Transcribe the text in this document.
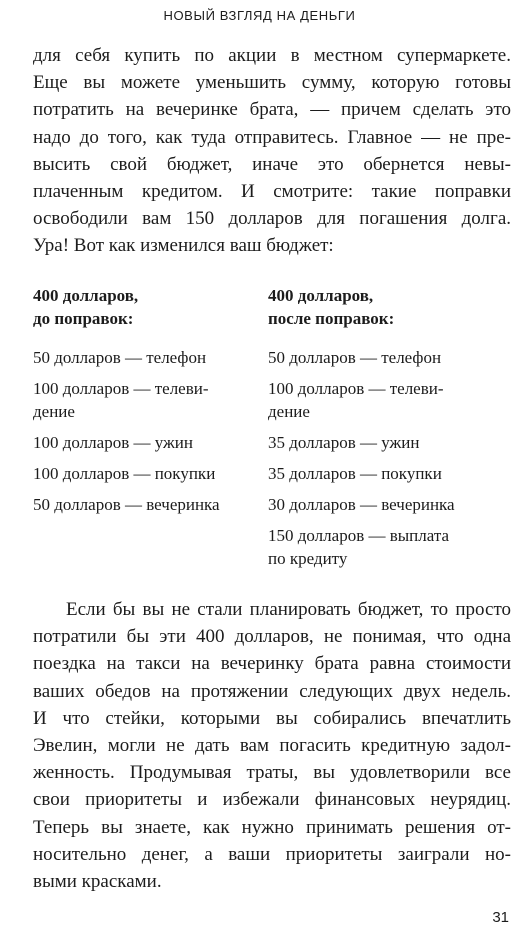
НОВЫЙ ВЗГЛЯД НА ДЕНЬГИ

для себя купить по акции в местном супермаркете.
Еще вы можете уменьшить сумму, которую готовы
потратить на вечеринке брата, — причем сделать это
надо до того, как туда отправитесь. Главное — не пре-
высить свой бюджет, иначе это обернется невы-
плаченным кредитом. И смотрите: такие поправки
освободили вам 150 долларов для погашения долга.
Ура! Вот как изменился ваш бюджет:

400 долларов,
до поправок:
50 долларов — телефон
100 долларов — телеви-
дение
100 долларов — ужин
100 долларов — покупки
50 долларов — вечеринка
400 долларов,
после поправок:
50 долларов — телефон
100 долларов — телеви-
дение
35 долларов — ужин
35 долларов — покупки
30 долларов — вечеринка
150 долларов — выплата
по кредиту

Если бы вы не стали планировать бюджет, то просто
потратили бы эти 400 долларов, не понимая, что одна
поездка на такси на вечеринку брата равна стоимости
ваших обедов на протяжении следующих двух недель.
И что стейки, которыми вы собирались впечатлить
Эвелин, могли не дать вам погасить кредитную задол-
женность. Продумывая траты, вы удовлетворили все
свои приоритеты и избежали финансовых неурядиц.
Теперь вы знаете, как нужно принимать решения от-
носительно денег, а ваши приоритеты заиграли но-
выми красками.

31
